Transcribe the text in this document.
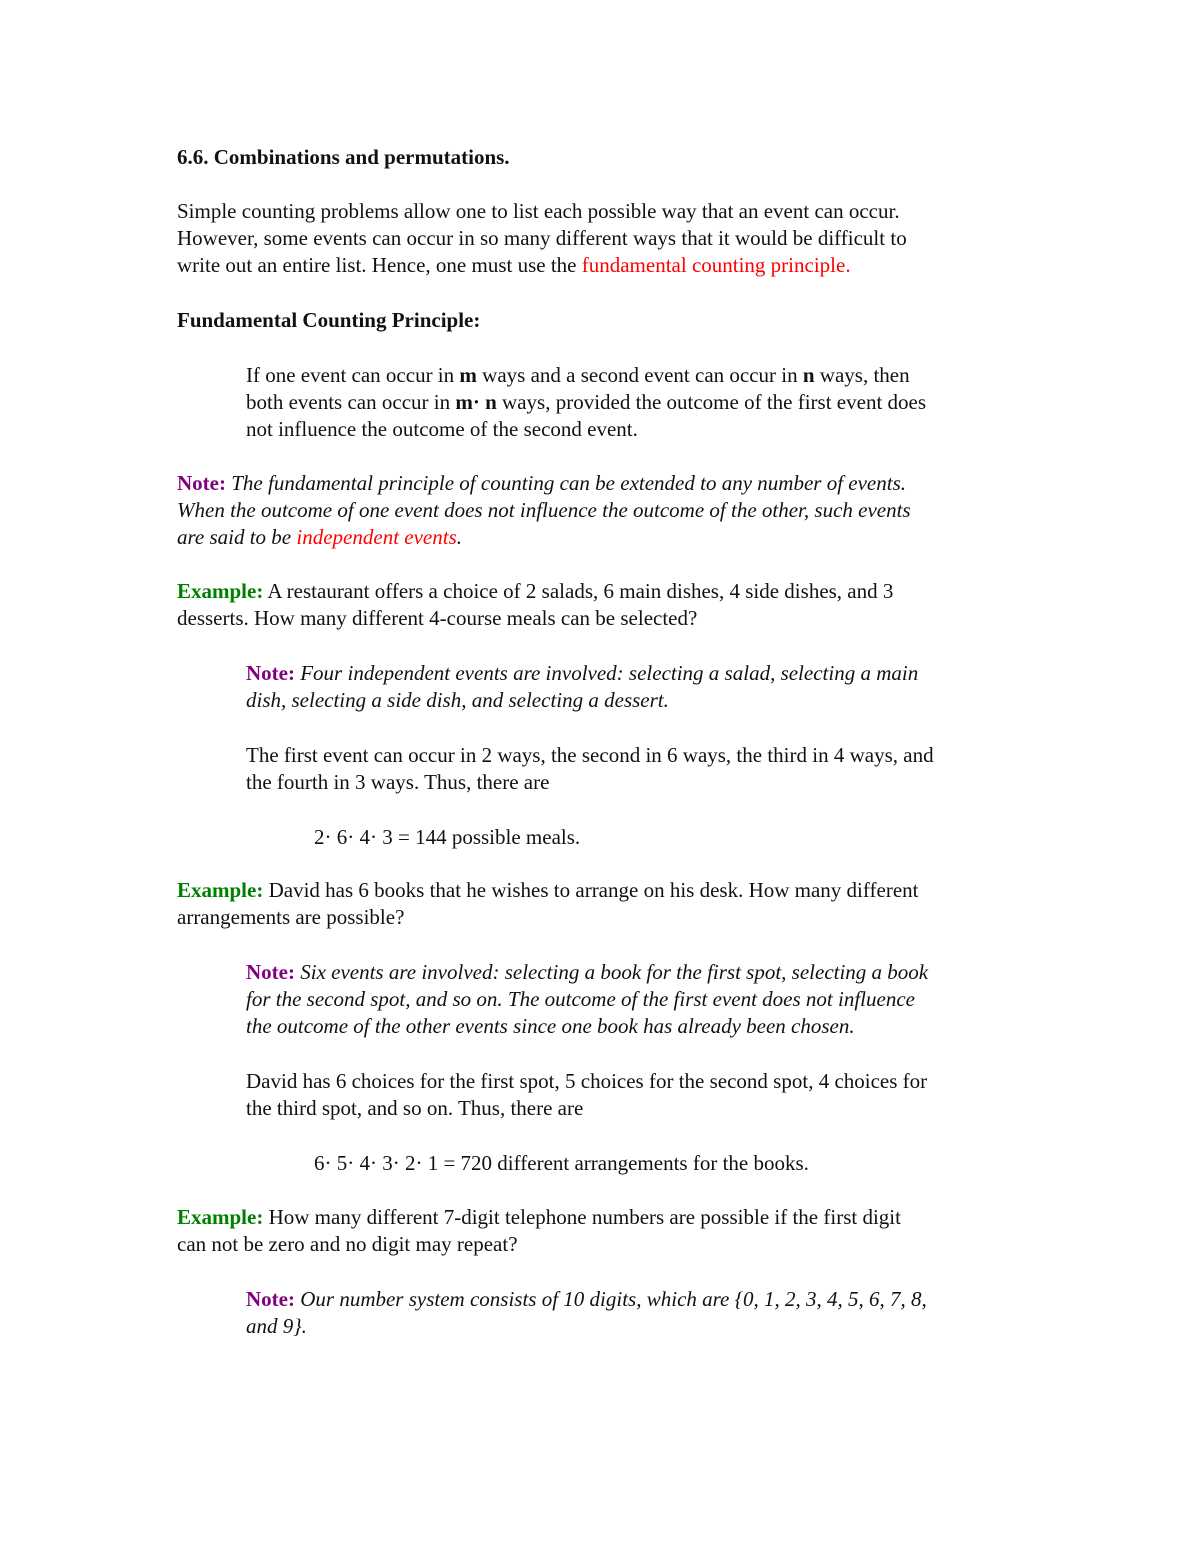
6.6. Combinations and permutations.

Simple counting problems allow one to list each possible way that an event can occur.
However, some events can occur in so many different ways that it would be difficult to
write out an entire list. Hence, one must use the fundamental counting principle.

Fundamental Counting Principle:

If one event can occur in m ways and a second event can occur in n ways, then
both events can occur in m· n ways, provided the outcome of the first event does
not influence the outcome of the second event.
Note: The fundamental principle of counting can be extended to any number of events.
When the outcome of one event does not influence the outcome of the other, such events
are said to be independent events.
Example: A restaurant offers a choice of 2 salads, 6 main dishes, 4 side dishes, and 3
desserts. How many different 4-course meals can be selected?
Note: Four independent events are involved: selecting a salad, selecting a main
dish, selecting a side dish, and selecting a dessert.
The first event can occur in 2 ways, the second in 6 ways, the third in 4 ways, and
the fourth in 3 ways. Thus, there are

2· 6· 4· 3 = 144 possible meals.

Example: David has 6 books that he wishes to arrange on his desk. How many different
arrangements are possible?
Note: Six events are involved: selecting a book for the first spot, selecting a book
for the second spot, and so on. The outcome of the first event does not influence
the outcome of the other events since one book has already been chosen.
David has 6 choices for the first spot, 5 choices for the second spot, 4 choices for
the third spot, and so on. Thus, there are

6· 5· 4· 3· 2· 1 = 720 different arrangements for the books.

Example: How many different 7-digit telephone numbers are possible if the first digit
can not be zero and no digit may repeat?
Note: Our number system consists of 10 digits, which are {0, 1, 2, 3, 4, 5, 6, 7, 8,
and 9}.
